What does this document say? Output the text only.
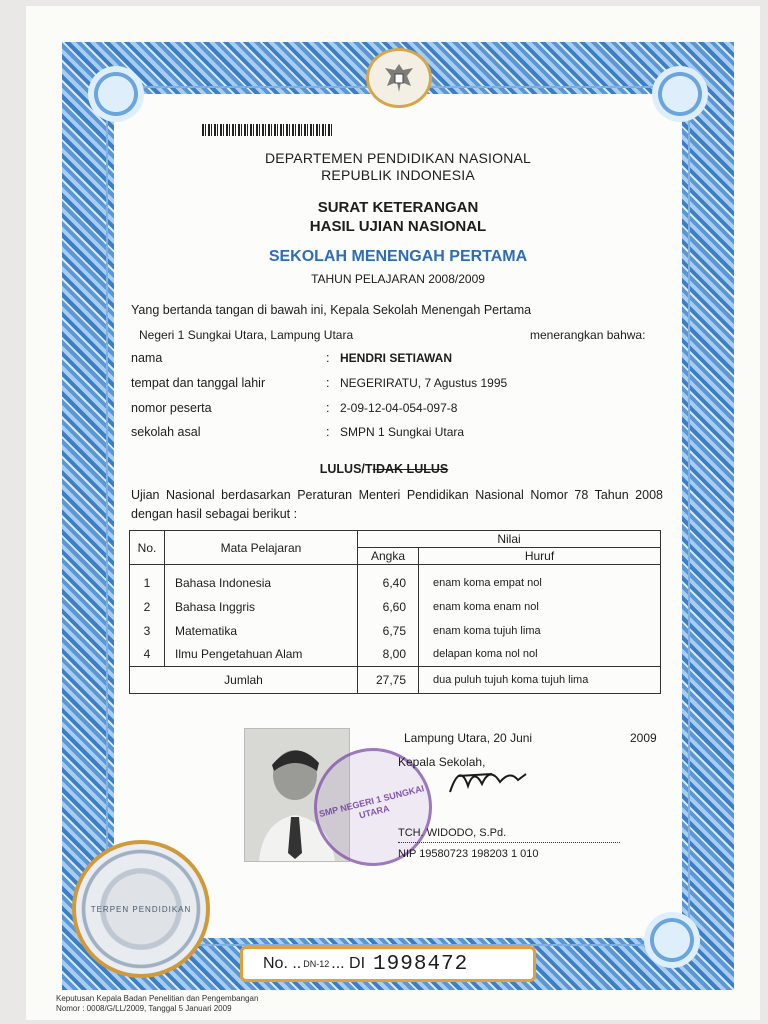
DEPARTEMEN PENDIDIKAN NASIONAL
REPUBLIK INDONESIA
SURAT KETERANGAN
HASIL UJIAN NASIONAL
SEKOLAH MENENGAH PERTAMA
TAHUN PELAJARAN 2008/2009
Yang bertanda tangan di bawah ini, Kepala Sekolah Menengah Pertama
Negeri 1 Sungkai Utara, Lampung Utara	menerangkan bahwa:
nama	: HENDRI SETIAWAN
tempat dan tanggal lahir	: NEGERIRATU, 7 Agustus 1995
nomor peserta	: 2-09-12-04-054-097-8
sekolah asal	: SMPN 1 Sungkai Utara
LULUS/TIDAK LULUS
Ujian Nasional berdasarkan Peraturan Menteri Pendidikan Nasional Nomor 78 Tahun 2008 dengan hasil sebagai berikut :
No.	Mata Pelajaran	Nilai	
		Angka	Huruf

1	Bahasa Indonesia	6,40	enam koma empat nol
2	Bahasa Inggris	6,60	enam koma enam nol
3	Matematika	6,75	enam koma tujuh lima
4	Ilmu Pengetahuan Alam	8,00	delapan koma nol nol
Jumlah		27,75	dua puluh tujuh koma tujuh lima
SMP NEGERI 1 SUNGKAI UTARA
Lampung Utara, 20 Juni	2009
Kepala Sekolah,
TCH. WIDODO, S.Pd.
NIP 19580723 198203 1 010
TERPEN PENDIDIKAN
No. .. DN-12 ... DI 1998472
Keputusan Kepala Badan Penelitian dan Pengembangan
Nomor : 0008/G/LL/2009, Tanggal 5 Januari 2009
